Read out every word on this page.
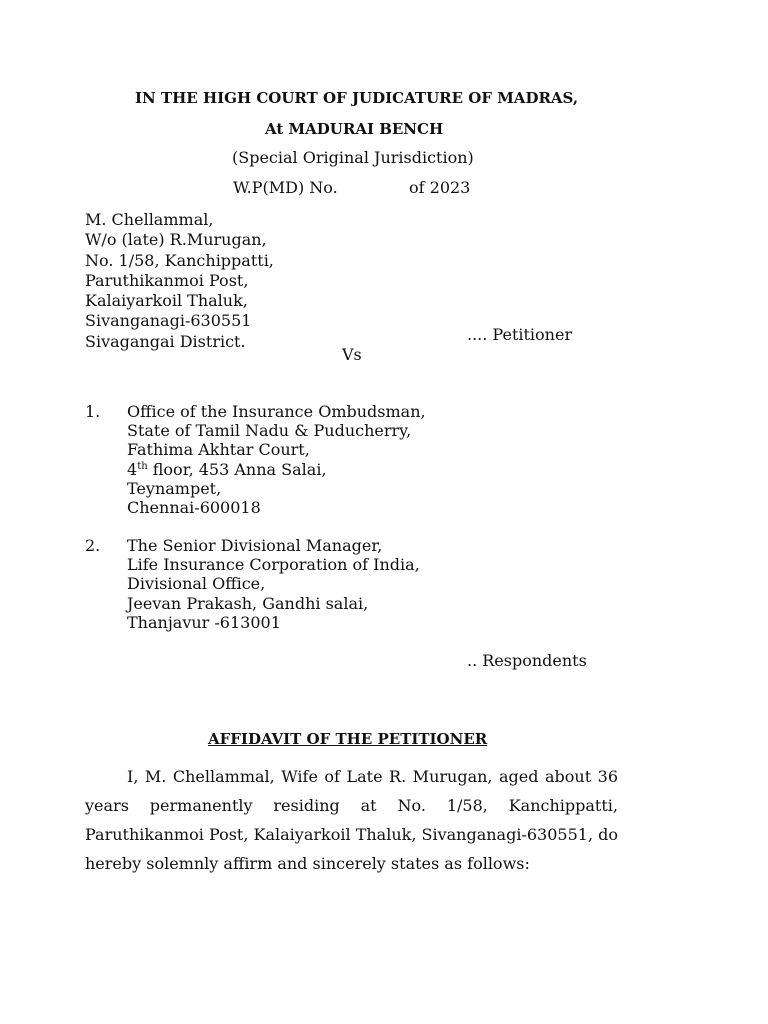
IN THE HIGH COURT OF JUDICATURE OF MADRAS,
At MADURAI BENCH
(Special Original Jurisdiction)
W.P(MD) No.	of 2023
M. Chellammal,
W/o (late) R.Murugan,
No. 1/58, Kanchippatti,
Paruthikanmoi Post,
Kalaiyarkoil Thaluk,
Sivanganagi-630551
Sivagangai District.	.... Petitioner
Vs
1. Office of the Insurance Ombudsman,
State of Tamil Nadu & Puducherry,
Fathima Akhtar Court,
4th floor, 453 Anna Salai,
Teynampet,
Chennai-600018
2. The Senior Divisional Manager,
Life Insurance Corporation of India,
Divisional Office,
Jeevan Prakash, Gandhi salai,
Thanjavur -613001
.. Respondents
AFFIDAVIT OF THE PETITIONER
I, M. Chellammal, Wife of Late R. Murugan, aged about 36 years permanently residing at No. 1/58, Kanchippatti, Paruthikanmoi Post, Kalaiyarkoil Thaluk, Sivanganagi-630551, do hereby solemnly affirm and sincerely states as follows:
